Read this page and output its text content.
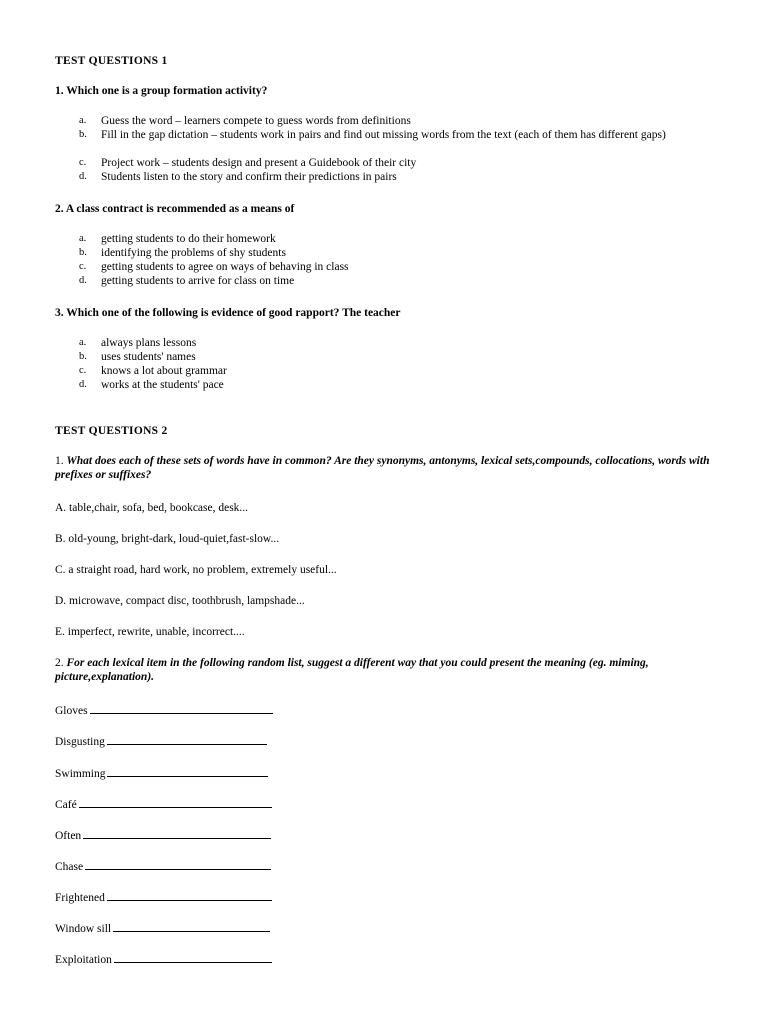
TEST QUESTIONS 1
1. Which one is a group formation activity?
a. Guess the word – learners compete to guess words from definitions
b. Fill in the gap dictation – students work in pairs and find out missing words from the text (each of them has different gaps)
c. Project work – students design and present a Guidebook of their city
d. Students listen to the story and confirm their predictions in pairs
2. A class contract is recommended as a means of
a. getting students to do their homework
b. identifying the problems of shy students
c. getting students to agree on ways of behaving in class
d. getting students to arrive for class on time
3. Which one of the following is evidence of good rapport? The teacher
a. always plans lessons
b. uses students' names
c. knows a lot about grammar
d. works at the students' pace
TEST QUESTIONS 2
1. What does each of these sets of words have in common? Are they synonyms, antonyms, lexical sets,compounds, collocations, words with prefixes or suffixes?
A. table,chair, sofa, bed, bookcase, desk...
B. old-young, bright-dark, loud-quiet,fast-slow...
C. a straight road, hard work, no problem, extremely useful...
D. microwave, compact disc, toothbrush, lampshade...
E. imperfect, rewrite, unable, incorrect....
2. For each lexical item in the following random list, suggest a different way that you could present the meaning (eg. miming, picture,explanation).
Gloves
Disgusting
Swimming
Café
Often
Chase
Frightened
Window sill
Exploitation
